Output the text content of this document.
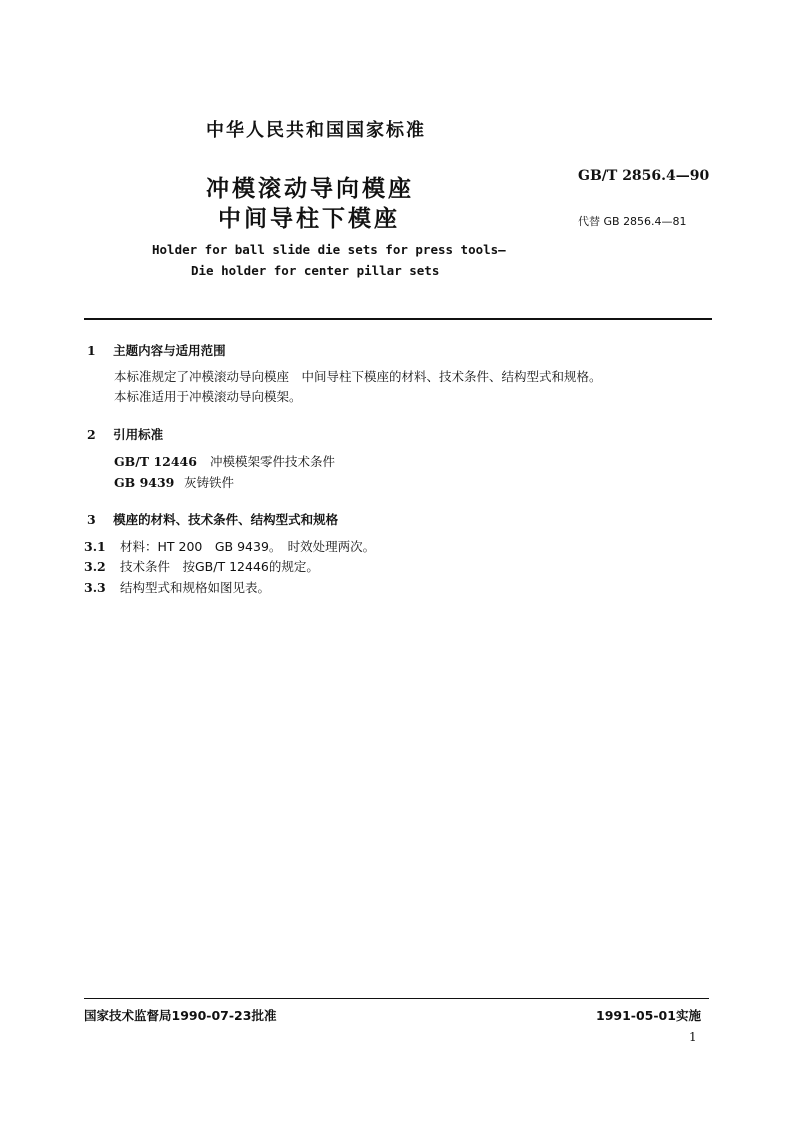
中华人民共和国国家标准
冲模滚动导向模座
中间导柱下模座
GB/T 2856.4—90
代替 GB 2856.4—81
Holder for ball slide die sets for press tools—
Die holder for center pillar sets
1 主题内容与适用范围
本标准规定了冲模滚动导向模座　中间导柱下模座的材料、技术条件、结构型式和规格。
本标准适用于冲模滚动导向模架。
2 引用标准
GB/T 12446 冲模模架零件技术条件
GB 9439 灰铸铁件
3 模座的材料、技术条件、结构型式和规格
3.1 材料：HT 200　GB 9439。　时效处理两次。
3.2 技术条件　按GB/T 12446的规定。
3.3 结构型式和规格如图见表。
国家技术监督局1990-07-23批准	1991-05-01实施
1
